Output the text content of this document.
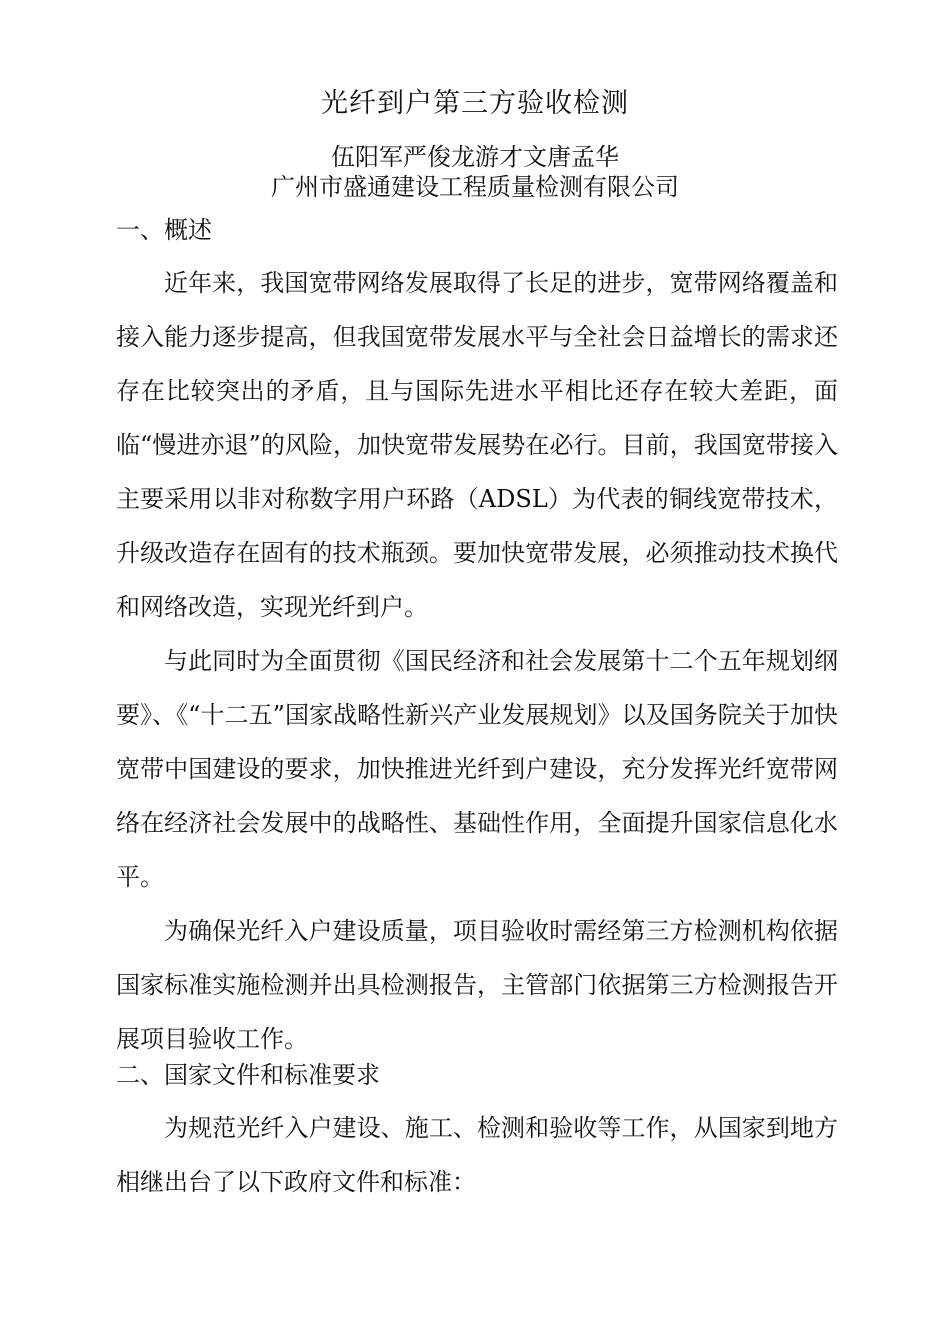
光纤到户第三方验收检测
伍阳军严俊龙游才文唐孟华
广州市盛通建设工程质量检测有限公司

一、概述

近年来，我国宽带网络发展取得了长足的进步，宽带网络覆盖和接入能力逐步提高，但我国宽带发展水平与全社会日益增长的需求还存在比较突出的矛盾，且与国际先进水平相比还存在较大差距，面临“慢进亦退”的风险，加快宽带发展势在必行。目前，我国宽带接入主要采用以非对称数字用户环路（ADSL）为代表的铜线宽带技术，升级改造存在固有的技术瓶颈。要加快宽带发展，必须推动技术换代和网络改造，实现光纤到户。

与此同时为全面贯彻《国民经济和社会发展第十二个五年规划纲要》、《“十二五”国家战略性新兴产业发展规划》以及国务院关于加快宽带中国建设的要求，加快推进光纤到户建设，充分发挥光纤宽带网络在经济社会发展中的战略性、基础性作用，全面提升国家信息化水平。

为确保光纤入户建设质量，项目验收时需经第三方检测机构依据国家标准实施检测并出具检测报告，主管部门依据第三方检测报告开展项目验收工作。

二、国家文件和标准要求

为规范光纤入户建设、施工、检测和验收等工作，从国家到地方相继出台了以下政府文件和标准：
